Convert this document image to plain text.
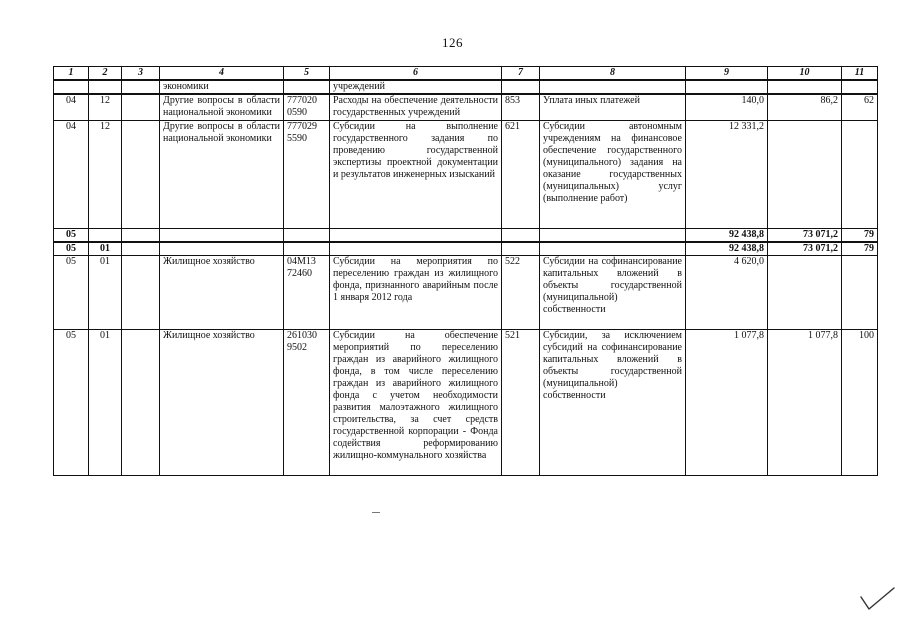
126
1	2	3	4	5	6	7	8	9	10	11
			экономики		учреждений					
04	12		Другие вопросы в области национальной экономики	777020 0590	Расходы на обеспечение деятельности государственных учреждений	853	Уплата иных платежей	140,0	86,2	62
04	12		Другие вопросы в области национальной экономики	777029 5590	Субсидии на выполнение государственного задания по проведению государственной экспертизы проектной документации и результатов инженерных изысканий	621	Субсидии автономным учреждениям на финансовое обеспечение государственного (муниципального) задания на оказание государственных (муниципальных) услуг (выполнение работ)	12 331,2		
05								92 438,8	73 071,2	79
05	01							92 438,8	73 071,2	79
05	01		Жилищное хозяйство	04М13 72460	Субсидии на мероприятия по переселению граждан из жилищного фонда, признанного аварийным после 1 января 2012 года	522	Субсидии на софинансирование капитальных вложений в объекты государственной (муниципальной) собственности	4 620,0		
05	01		Жилищное хозяйство	261030 9502	Субсидии на обеспечение мероприятий по переселению граждан из аварийного жилищного фонда, в том числе переселению граждан из аварийного жилищного фонда с учетом необходимости развития малоэтажного жилищного строительства, за счет средств государственной корпорации - Фонда содействия реформированию жилищно-коммунального хозяйства	521	Субсидии, за исключением субсидий на софинансирование капитальных вложений в объекты государственной (муниципальной) собственности	1 077,8	1 077,8	100
